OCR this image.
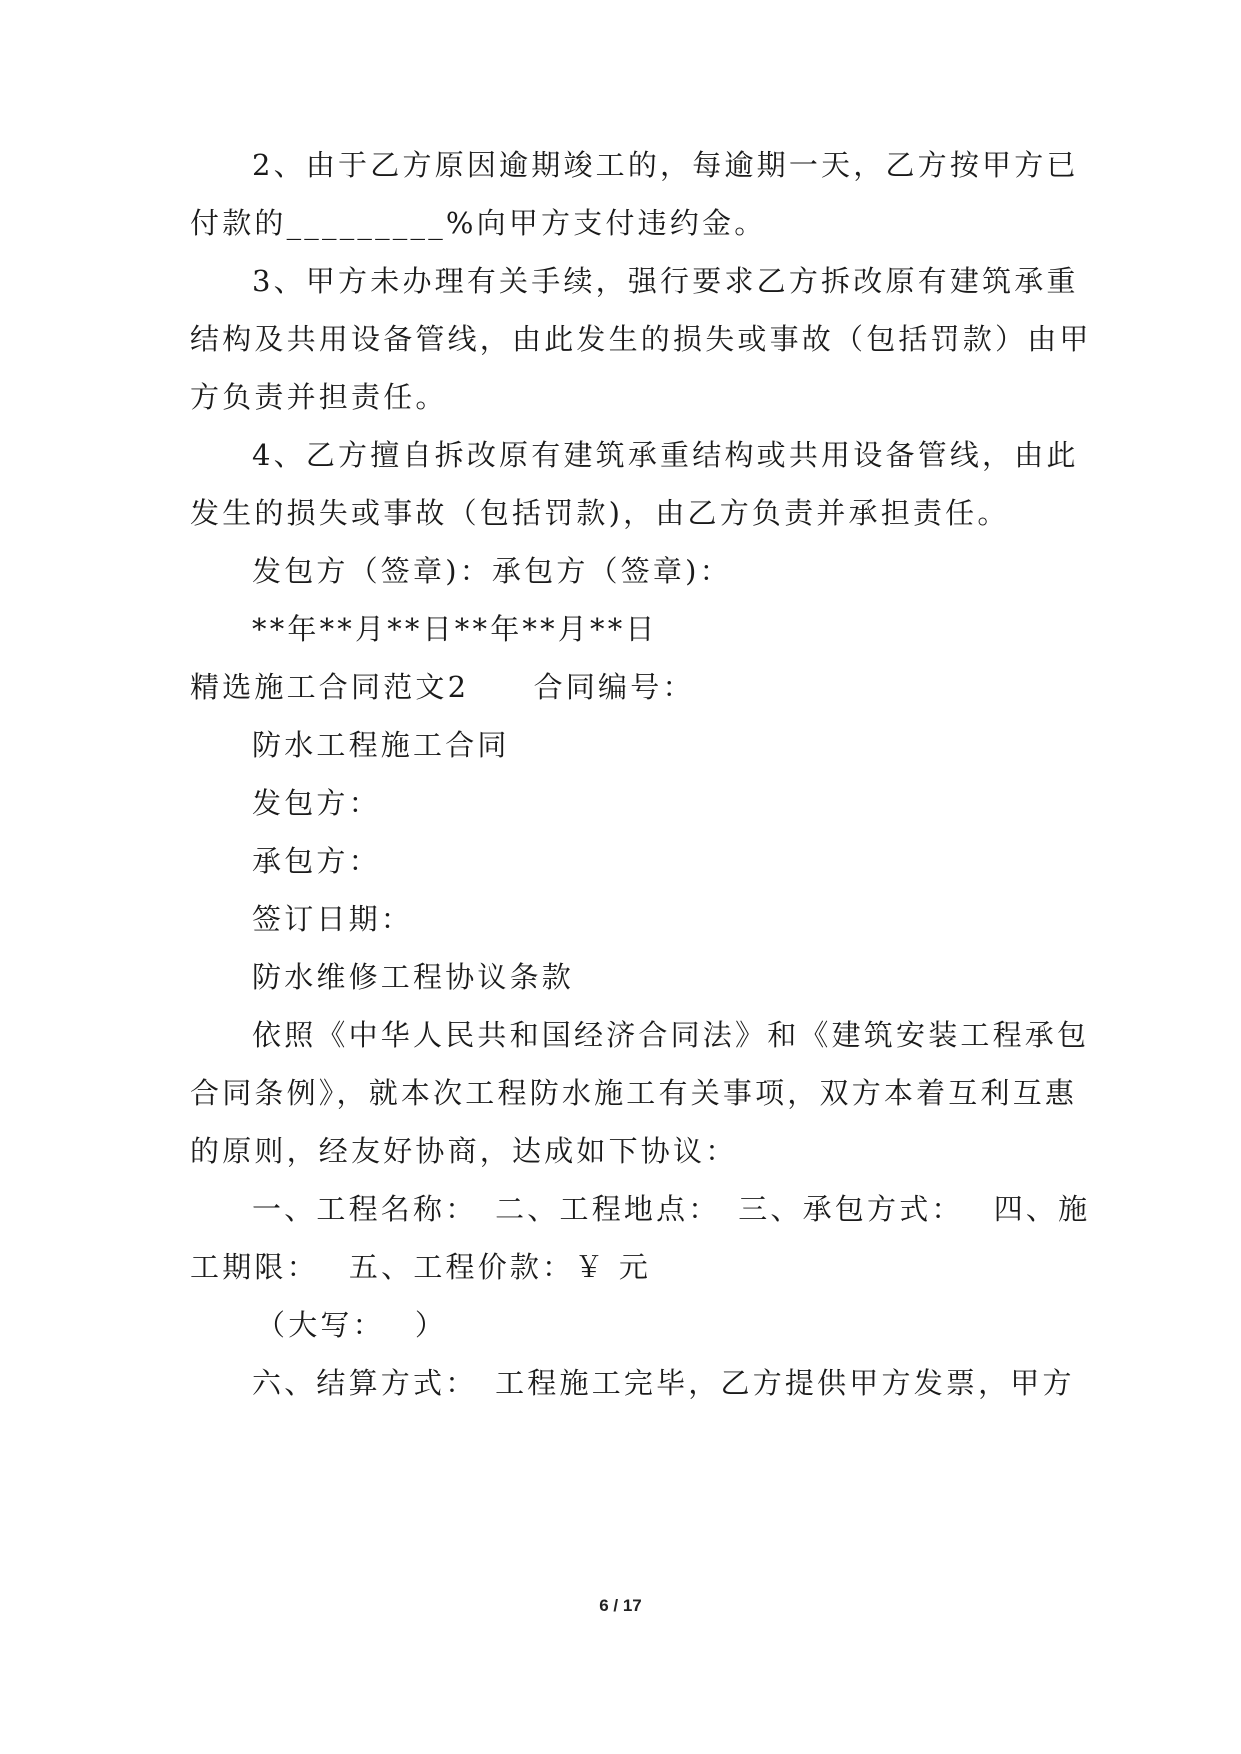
2、由于乙方原因逾期竣工的，每逾期一天，乙方按甲方已
付款的_________%向甲方支付违约金。
3、甲方未办理有关手续，强行要求乙方拆改原有建筑承重
结构及共用设备管线，由此发生的损失或事故（包括罚款）由甲
方负责并担责任。
4、乙方擅自拆改原有建筑承重结构或共用设备管线，由此
发生的损失或事故（包括罚款)，由乙方负责并承担责任。
发包方（签章)：承包方（签章)：
**年**月**日**年**月**日
精选施工合同范文2　　合同编号：
防水工程施工合同
发包方：
承包方：
签订日期：
防水维修工程协议条款
依照《中华人民共和国经济合同法》和《建筑安装工程承包
合同条例》，就本次工程防水施工有关事项，双方本着互利互惠
的原则，经友好协商，达成如下协议：
一、工程名称：　二、工程地点：　三、承包方式：　 四、施
工期限：　 五、工程价款：￥ 元
（大写：　 ）
六、结算方式：　工程施工完毕，乙方提供甲方发票，甲方
6 / 17
